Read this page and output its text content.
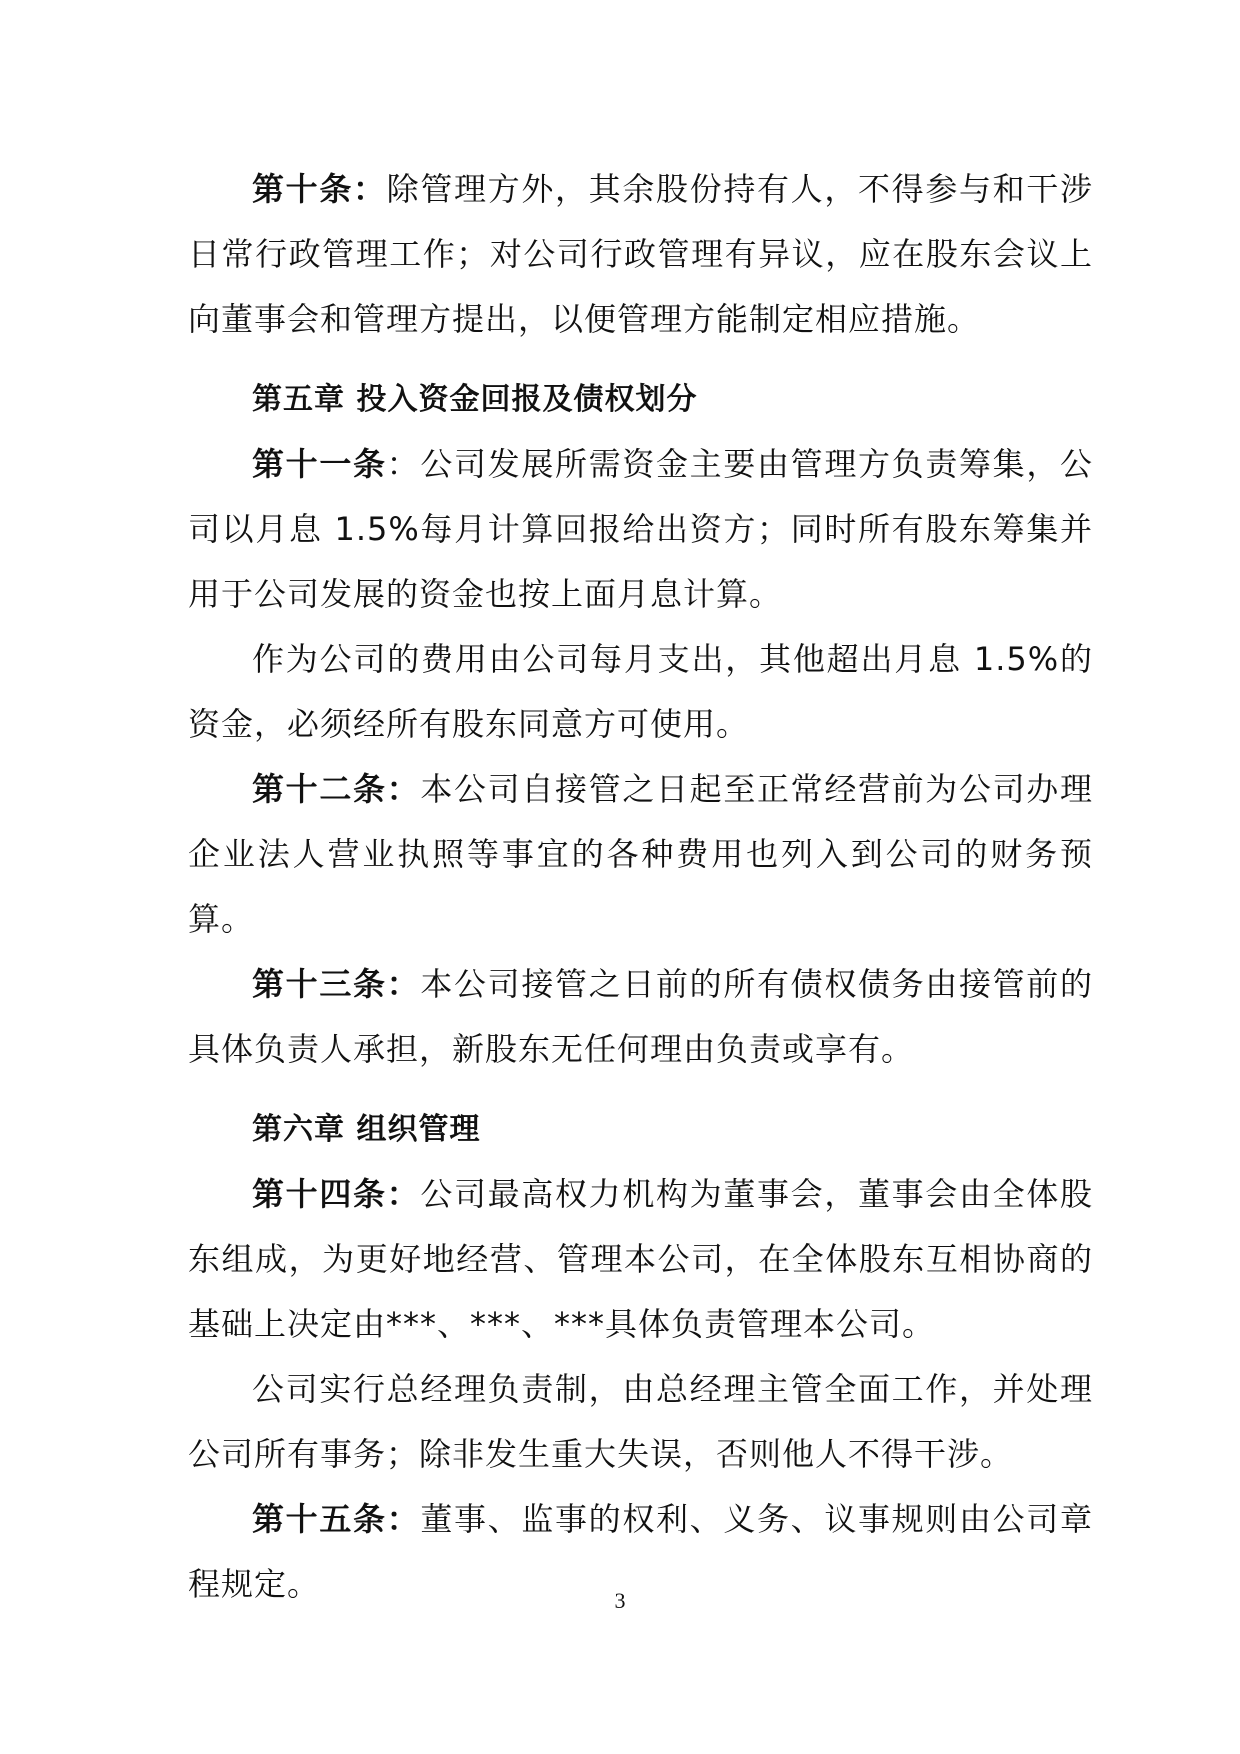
第十条：除管理方外，其余股份持有人，不得参与和干涉日常行政管理工作；对公司行政管理有异议，应在股东会议上向董事会和管理方提出，以便管理方能制定相应措施。

第五章 投入资金回报及债权划分

第十一条：公司发展所需资金主要由管理方负责筹集，公司以月息 1.5%每月计算回报给出资方；同时所有股东筹集并用于公司发展的资金也按上面月息计算。

作为公司的费用由公司每月支出，其他超出月息 1.5%的资金，必须经所有股东同意方可使用。

第十二条：本公司自接管之日起至正常经营前为公司办理企业法人营业执照等事宜的各种费用也列入到公司的财务预算。

第十三条：本公司接管之日前的所有债权债务由接管前的具体负责人承担，新股东无任何理由负责或享有。

第六章 组织管理

第十四条：公司最高权力机构为董事会，董事会由全体股东组成，为更好地经营、管理本公司，在全体股东互相协商的基础上决定由***、***、***具体负责管理本公司。

公司实行总经理负责制，由总经理主管全面工作，并处理公司所有事务；除非发生重大失误，否则他人不得干涉。

第十五条：董事、监事的权利、义务、议事规则由公司章程规定。	3
